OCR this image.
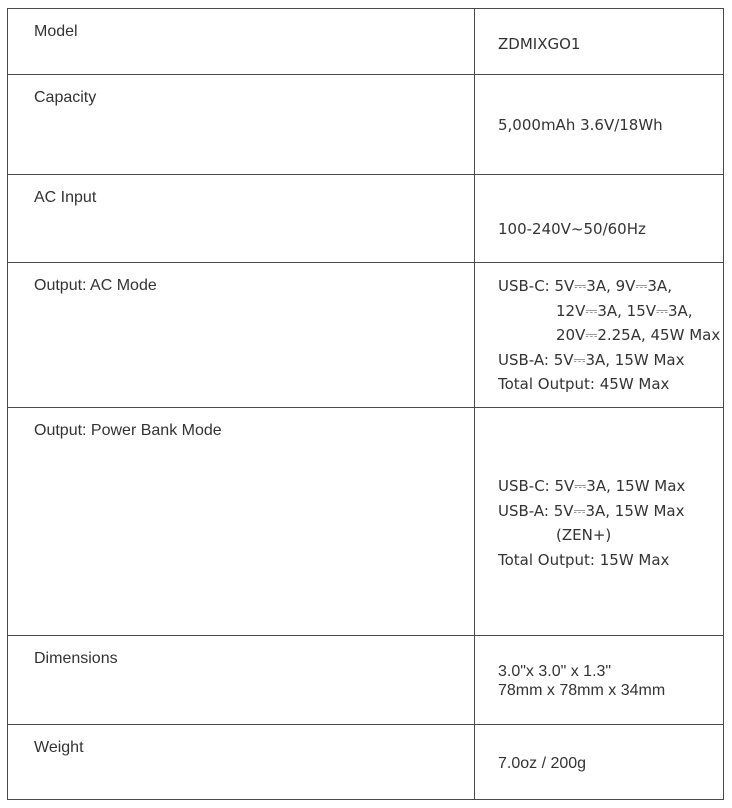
Model	ZDMIXGO1

Capacity	5,000mAh 3.6V/18Wh

AC Input	100-240V~50/60Hz

Output: AC Mode	USB-C: 5V⎓3A, 9V⎓3A,
12V⎓3A, 15V⎓3A,
20V⎓2.25A, 45W Max
USB-A: 5V⎓3A, 15W Max
Total Output: 45W Max

Output: Power Bank Mode	USB-C: 5V⎓3A, 15W Max
USB-A: 5V⎓3A, 15W Max
(ZEN+)
Total Output: 15W Max

Dimensions	3.0"x 3.0" x 1.3"
78mm x 78mm x 34mm

Weight	7.0oz / 200g
